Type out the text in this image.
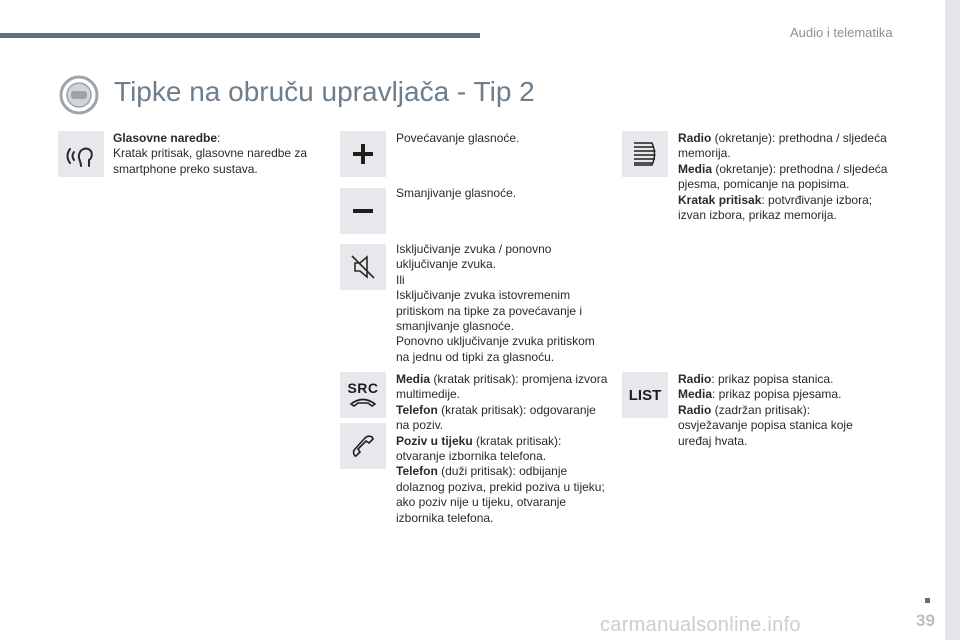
Audio i telematika
Tipke na obruču upravljača - Tip 2
Glasovne naredbe:
Kratak pritisak, glasovne naredbe za smartphone preko sustava.
Povećavanje glasnoće.
Smanjivanje glasnoće.
Isključivanje zvuka / ponovno uključivanje zvuka.
Ili
Isključivanje zvuka istovremenim pritiskom na tipke za povećavanje i smanjivanje glasnoće.
Ponovno uključivanje zvuka pritiskom na jednu od tipki za glasnoću.
SRC
Media (kratak pritisak): promjena izvora multimedije.
Telefon (kratak pritisak): odgovaranje na poziv.
Poziv u tijeku (kratak pritisak): otvaranje izbornika telefona.
Telefon (duži pritisak): odbijanje dolaznog poziva, prekid poziva u tijeku; ako poziv nije u tijeku, otvaranje izbornika telefona.
Radio (okretanje): prethodna / sljedeća memorija.
Media (okretanje): prethodna / sljedeća pjesma, pomicanje na popisima.
Kratak pritisak: potvrđivanje izbora; izvan izbora, prikaz memorija.
LIST
Radio: prikaz popisa stanica.
Media: prikaz popisa pjesama.
Radio (zadržan pritisak): osvježavanje popisa stanica koje uređaj hvata.
carmanualsonline.info	39
